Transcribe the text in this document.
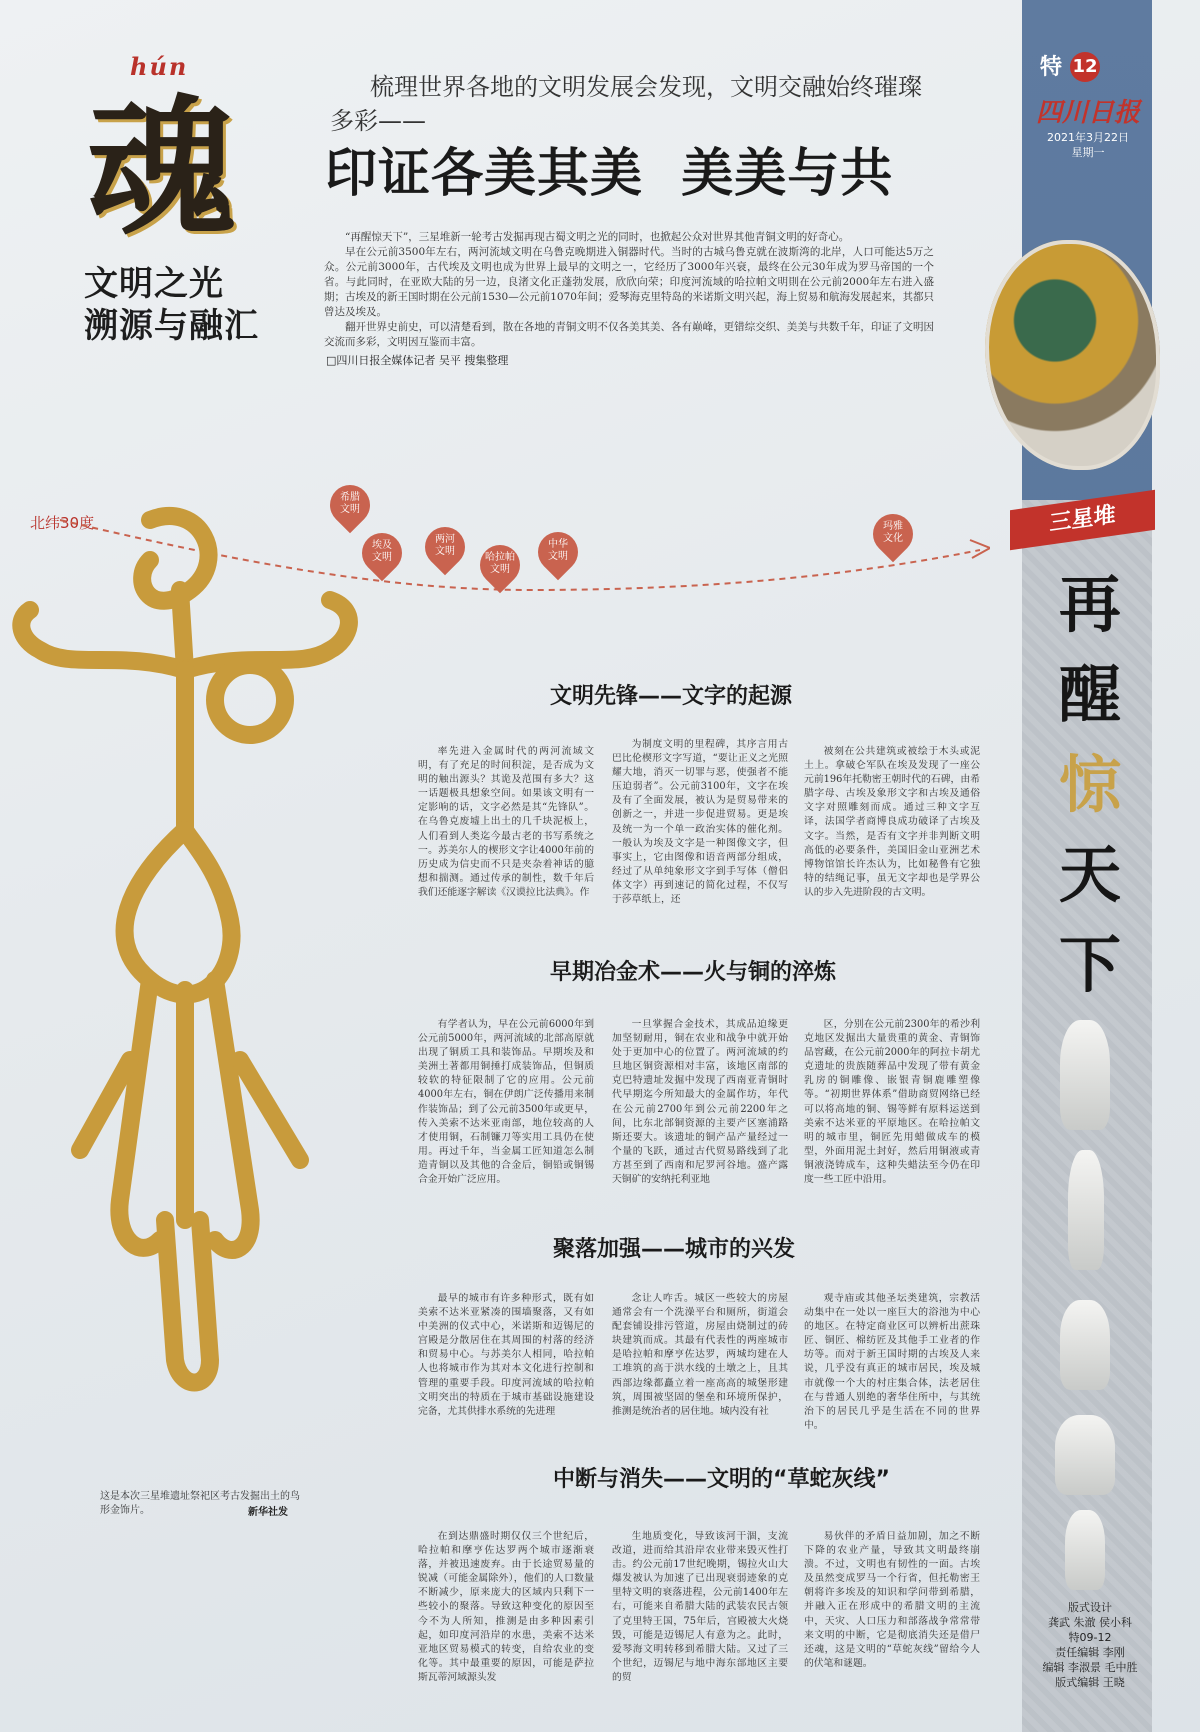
hún
魂
文明之光
溯源与融汇
梳理世界各地的文明发展会发现，文明交融始终璀璨多彩——
印证各美其美  美美与共

“再醒惊天下”，三星堆新一轮考古发掘再现古蜀文明之光的同时，也掀起公众对世界其他青铜文明的好奇心。

早在公元前3500年左右，两河流域文明在乌鲁克晚期进入铜器时代。当时的古城乌鲁克就在波斯湾的北岸，人口可能达5万之众。公元前3000年，古代埃及文明也成为世界上最早的文明之一，它经历了3000年兴衰，最终在公元30年成为罗马帝国的一个省。与此同时，在亚欧大陆的另一边，良渚文化正蓬勃发展，欣欣向荣；印度河流域的哈拉帕文明則在公元前2000年左右进入盛期；古埃及的新王国时期在公元前1530—公元前1070年间；爱琴海克里特岛的米诺斯文明兴起，海上贸易和航海发展起来，其都只曾达及埃及。

翻开世界史前史，可以清楚看到，散在各地的青铜文明不仅各美其美、各有巅峰，更错综交织、美美与共数千年，印证了文明因交流而多彩，文明因互鉴而丰富。

□四川日报全媒体记者 吴平 搜集整理
特 12
四川日报
2021年3月22日
星期一
三星堆
再
醒
惊
天
下
版式设计
龚武 朱澈 侯小科
特09-12
责任编辑 李刚
编辑 李淑景 毛中胜
版式编辑 王晓
北纬30度
希腊
文明
埃及
文明
两河
文明
哈拉帕
文明
中华
文明
玛雅
文化
这是本次三星堆遗址祭祀区考古发掘出土的鸟形金饰片。	新华社发
文明先锋——文字的起源

率先进入金属时代的两河流域文明，有了充足的时间积淀，是否成为文明的触出源头？其诡及范围有多大？这一话题极具想象空间。如果该文明有一定影响的话，文字必然是其“先锋队”。在乌鲁克废墟上出土的几千块泥板上，人们看到人类迄今最古老的书写系统之一。苏美尔人的楔形文字让4000年前的历史成为信史而不只是夹杂着神话的臆想和揣测。通过传承的制性，数千年后我们还能逐字解读《汉谟拉比法典》。作

为制度文明的里程碑，其序言用古巴比伦楔形文字写道，“要让正义之光照耀大地，消灭一切罪与恶，使强者不能压迫弱者”。公元前3100年，文字在埃及有了全面发展，被认为是贸易带来的创新之一，并进一步促进贸易。更是埃及统一为一个单一政治实体的催化剂。一般认为埃及文字是一种图像文字，但事实上，它由图像和语音两部分组成，经过了从单纯象形文字到手写体（僧侣体文字）再到速记的简化过程，不仅写于莎草纸上，还

被刻在公共建筑或被绘于木头或泥土上。拿破仑军队在埃及发现了一座公元前196年托勒密王朝时代的石碑，由希腊字母、古埃及象形文字和古埃及通俗文字对照雕刻而成。通过三种文字互译，法国学者商博良成功破译了古埃及文字。当然，是否有文字并非判断文明高低的必要条件，美国旧金山亚洲艺术博物馆馆长许杰认为，比如秘鲁有它独特的结绳记事，虽无文字却也是学界公认的步入先进阶段的古文明。

早期冶金术——火与铜的淬炼

有学者认为，早在公元前6000年到公元前5000年，两河流域的北部高原就出现了铜质工具和装饰品。早期埃及和美洲土著都用铜捶打成装饰品，但铜质较软的特征限制了它的应用。公元前4000年左右，铜在伊朗广泛传播用来制作装饰品；到了公元前3500年或更早，传入美索不达米亚南部，地位较高的人才使用铜，石制镰刀等实用工具仍在使用。再过千年，当金属工匠知道怎么制造青铜以及其他的合金后，铜铅或铜锡合金开始广泛应用。

一旦掌握合金技术，其成品迫缘更加坚韧耐用，铜在农业和战争中就开始处于更加中心的位置了。两河流域的约旦地区铜资源相对丰富，该地区南部的克巴特遗址发掘中发现了西南亚青铜时代早期迄今所知最大的金属作坊，年代在公元前2700年到公元前2200年之间，比东北部铜资源的主要产区塞浦路斯还要大。该遗址的铜产品产量经过一个量的飞跃，通过古代贸易路线到了北方甚至到了西南和尼罗河谷地。盛产露天铜矿的安纳托利亚地

区，分别在公元前2300年的希沙利克地区发掘出大量贵重的黄金、青铜饰品窖藏，在公元前2000年的阿拉卡胡尤克遗址的贵族随葬品中发现了带有黄金乳房的铜雕像、嵌银青铜鹿雕塑像等。“初期世界体系”借助商贸网络已经可以将高地的铜、锡等鲜有原料运送到美索不达米亚的平原地区。在哈拉帕文明的城市里，铜匠先用蜡做成车的模型，外面用泥土封好，然后用铜液或青铜液浇铸成车，这种失蜡法至今仍在印度一些工匠中沿用。

聚落加强——城市的兴发

最早的城市有许多种形式，既有如美索不达米亚紧凑的围墙聚落，又有如中美洲的仪式中心，米诺斯和迈锡尼的宫殿是分散居住在其周围的村落的经济和贸易中心。与苏美尔人相同，哈拉帕人也将城市作为其对本文化进行控制和管理的重要手段。印度河流域的哈拉帕文明突出的特质在于城市基础设施建设完备，尤其供排水系统的先进理

念让人咋舌。城区一些较大的房屋通常会有一个洗澡平台和厕所，街道会配套铺设排污管道，房屋由烧制过的砖块建筑而成。其最有代表性的两座城市是哈拉帕和摩亨佐达罗，两城均建在人工堆筑的高于洪水线的土墩之上，且其西部边缘都矗立着一座高高的城堡形建筑，周围被坚固的堡垒和环境所保护，推测是统治者的居住地。城内没有社

观寺庙或其他圣坛类建筑，宗教活动集中在一处以一座巨大的浴池为中心的地区。在特定商业区可以辨析出蔗珠匠、铜匠、棉纺匠及其他手工业者的作坊等。而对于新王国时期的古埃及人来说，几乎没有真正的城市居民，埃及城市就像一个大的村庄集合体，法老居住在与普通人别绝的奢华住所中，与其统治下的居民几乎是生活在不同的世界中。

中断与消失——文明的“草蛇灰线”

在到达鼎盛时期仅仅三个世纪后，哈拉帕和摩亨佐达罗两个城市逐渐衰落，并被迅速废弃。由于长途贸易量的锐减（可能金属除外），他们的人口数量不断减少，原来庞大的区域内只剩下一些较小的聚落。导致这种变化的原因至今不为人所知，推测是由多种因素引起，如印度河沿岸的水患，美索不达米亚地区贸易模式的转变，自给农业的变化等。其中最重要的原因，可能是萨拉斯瓦蒂河域源头发

生地质变化，导致该河干涸，支流改道，进而给其沿岸农业带来毁灭性打击。约公元前17世纪晚期，锡拉火山大爆发被认为加速了已出现衰弱迹象的克里特文明的衰落进程，公元前1400年左右，可能来自希腊大陆的武装农民古领了克里特王国，75年后，宫殿被大火烧毁，可能是迈锡尼人有意为之。此时，爱琴海文明转移到希腊大陆。又过了三个世纪，迈锡尼与地中海东部地区主要的贸

易伙伴的矛盾日益加剧，加之不断下降的农业产量，导致其文明最终崩溃。不过，文明也有韧性的一面。古埃及虽然变成罗马一个行省，但托勒密王朝将许多埃及的知识和学问带到希腊，并融入正在形成中的希腊文明的主流中，天灾、人口压力和部落战争常常带来文明的中断，它是彻底消失还是借尸还魂，这是文明的“草蛇灰线”留给今人的伏笔和谜题。
